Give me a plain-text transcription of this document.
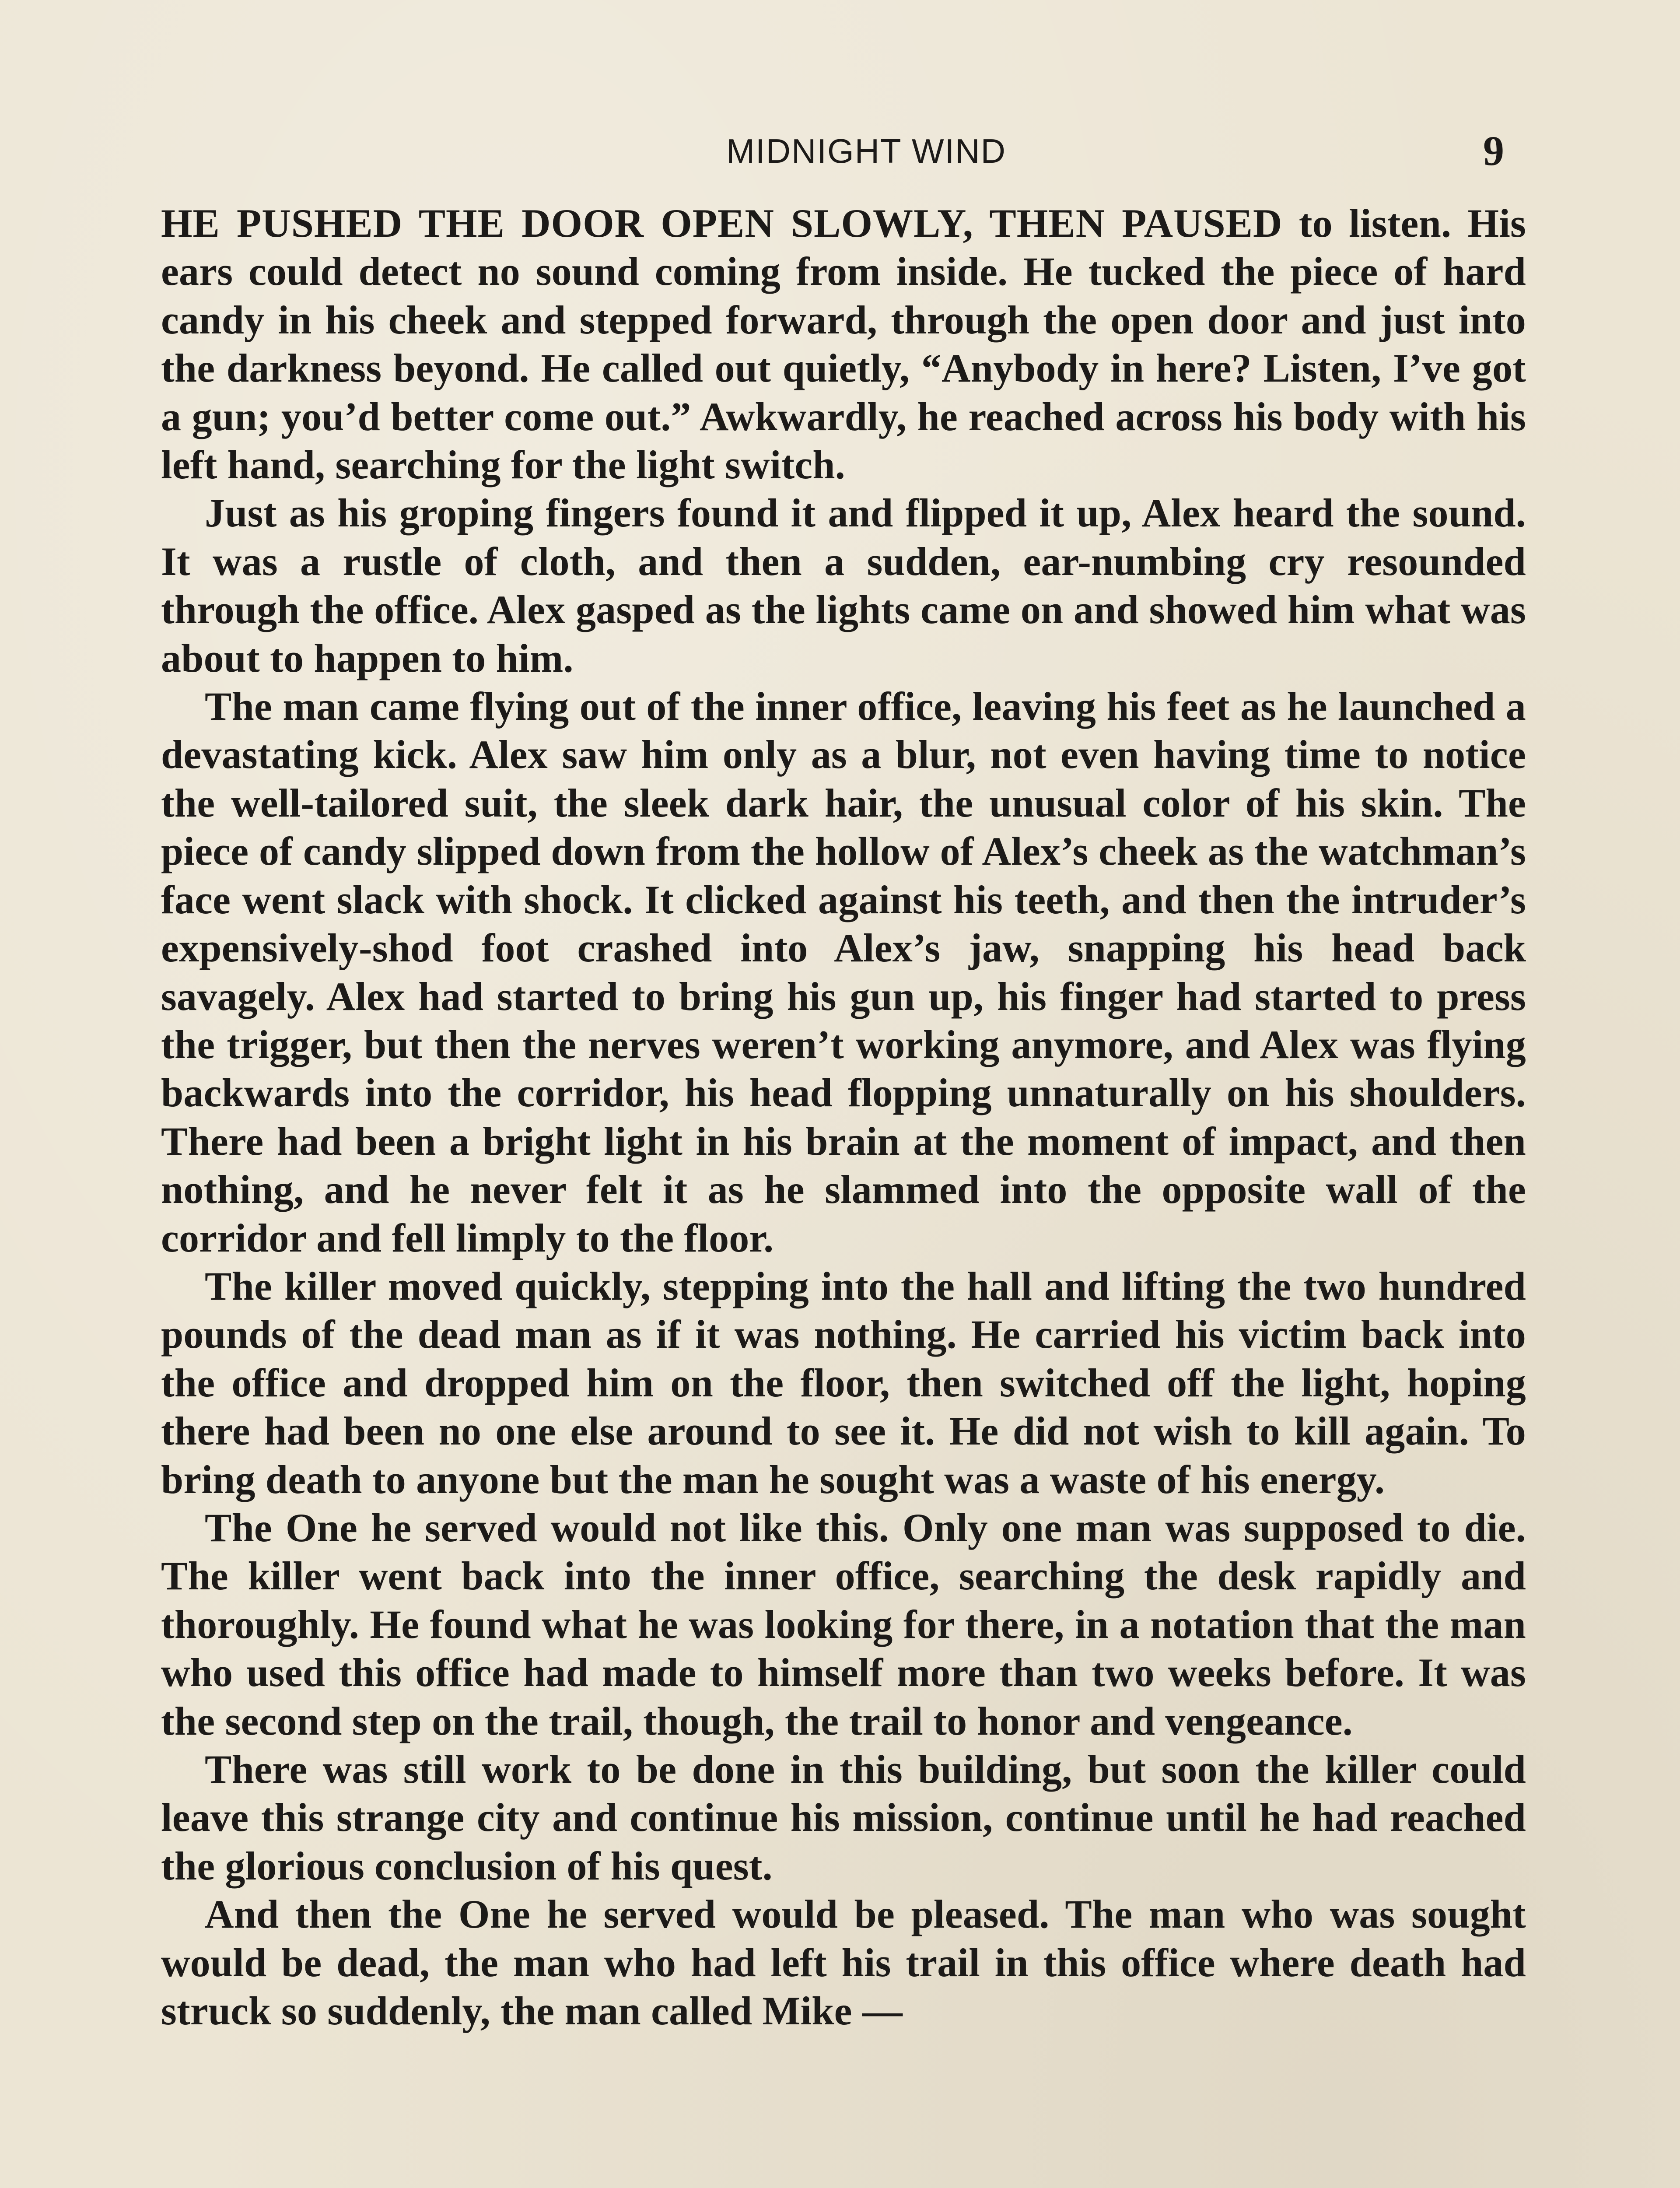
MIDNIGHT WIND	9

HE PUSHED THE DOOR OPEN SLOWLY, THEN PAUSED to listen. His ears could detect no sound coming from inside. He tucked the piece of hard candy in his cheek and stepped forward, through the open door and just into the darkness beyond. He called out quietly, “Anybody in here? Listen, I’ve got a gun; you’d better come out.” Awkwardly, he reached across his body with his left hand, searching for the light switch.

Just as his groping fingers found it and flipped it up, Alex heard the sound. It was a rustle of cloth, and then a sudden, ear-numbing cry resounded through the office. Alex gasped as the lights came on and showed him what was about to happen to him.

The man came flying out of the inner office, leaving his feet as he launched a devastating kick. Alex saw him only as a blur, not even having time to notice the well-tailored suit, the sleek dark hair, the unusual color of his skin. The piece of candy slipped down from the hollow of Alex’s cheek as the watchman’s face went slack with shock. It clicked against his teeth, and then the intruder’s expensively-shod foot crashed into Alex’s jaw, snapping his head back savagely. Alex had started to bring his gun up, his finger had started to press the trigger, but then the nerves weren’t working anymore, and Alex was flying backwards into the corridor, his head flopping unnaturally on his shoulders. There had been a bright light in his brain at the moment of impact, and then nothing, and he never felt it as he slammed into the opposite wall of the corridor and fell limply to the floor.

The killer moved quickly, stepping into the hall and lifting the two hundred pounds of the dead man as if it was nothing. He carried his victim back into the office and dropped him on the floor, then switched off the light, hoping there had been no one else around to see it. He did not wish to kill again. To bring death to anyone but the man he sought was a waste of his energy.

The One he served would not like this. Only one man was supposed to die. The killer went back into the inner office, searching the desk rapidly and thoroughly. He found what he was looking for there, in a notation that the man who used this office had made to himself more than two weeks before. It was the second step on the trail, though, the trail to honor and vengeance.

There was still work to be done in this building, but soon the killer could leave this strange city and continue his mission, continue until he had reached the glorious conclusion of his quest.

And then the One he served would be pleased. The man who was sought would be dead, the man who had left his trail in this office where death had struck so suddenly, the man called Mike —
